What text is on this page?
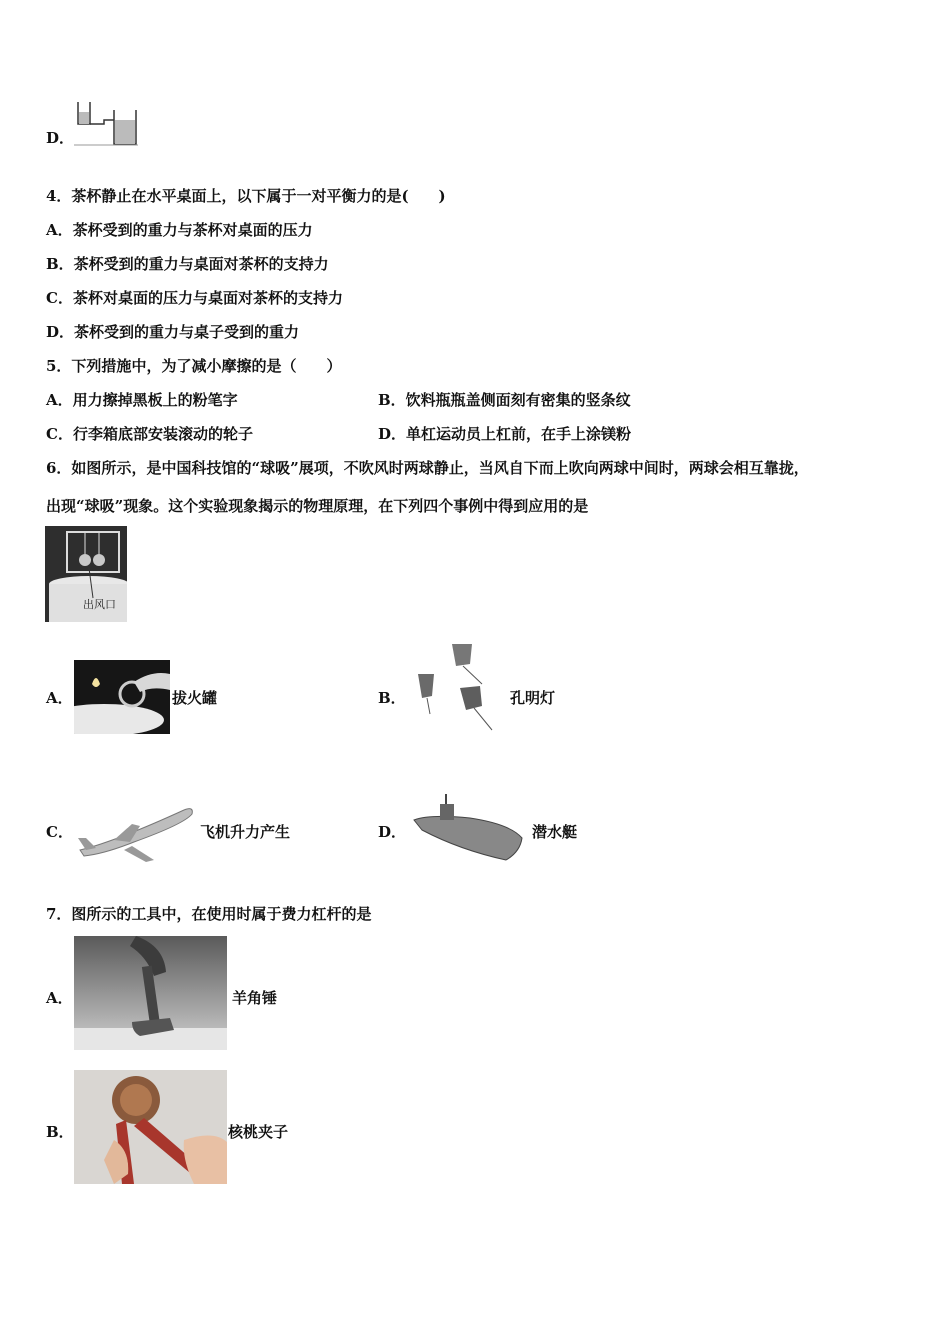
D．
4．茶杯静止在水平桌面上，以下属于一对平衡力的是(　　)
A．茶杯受到的重力与茶杯对桌面的压力
B．茶杯受到的重力与桌面对茶杯的支持力
C．茶杯对桌面的压力与桌面对茶杯的支持力
D．茶杯受到的重力与桌子受到的重力
5．下列措施中，为了减小摩擦的是（　　）
A．用力擦掉黑板上的粉笔字	B．饮料瓶瓶盖侧面刻有密集的竖条纹
C．行李箱底部安装滚动的轮子	D．单杠运动员上杠前，在手上涂镁粉
6．如图所示，是中国科技馆的“球吸”展项，不吹风时两球静止，当风自下而上吹向两球中间时，两球会相互靠拢，
出现“球吸”现象。这个实验现象揭示的物理原理，在下列四个事例中得到应用的是
出风口
A．	拔火罐	B．	孔明灯
C．	飞机升力产生	D．	潜水艇
7．图所示的工具中，在使用时属于费力杠杆的是
A．	羊角锤
B．	核桃夹子
